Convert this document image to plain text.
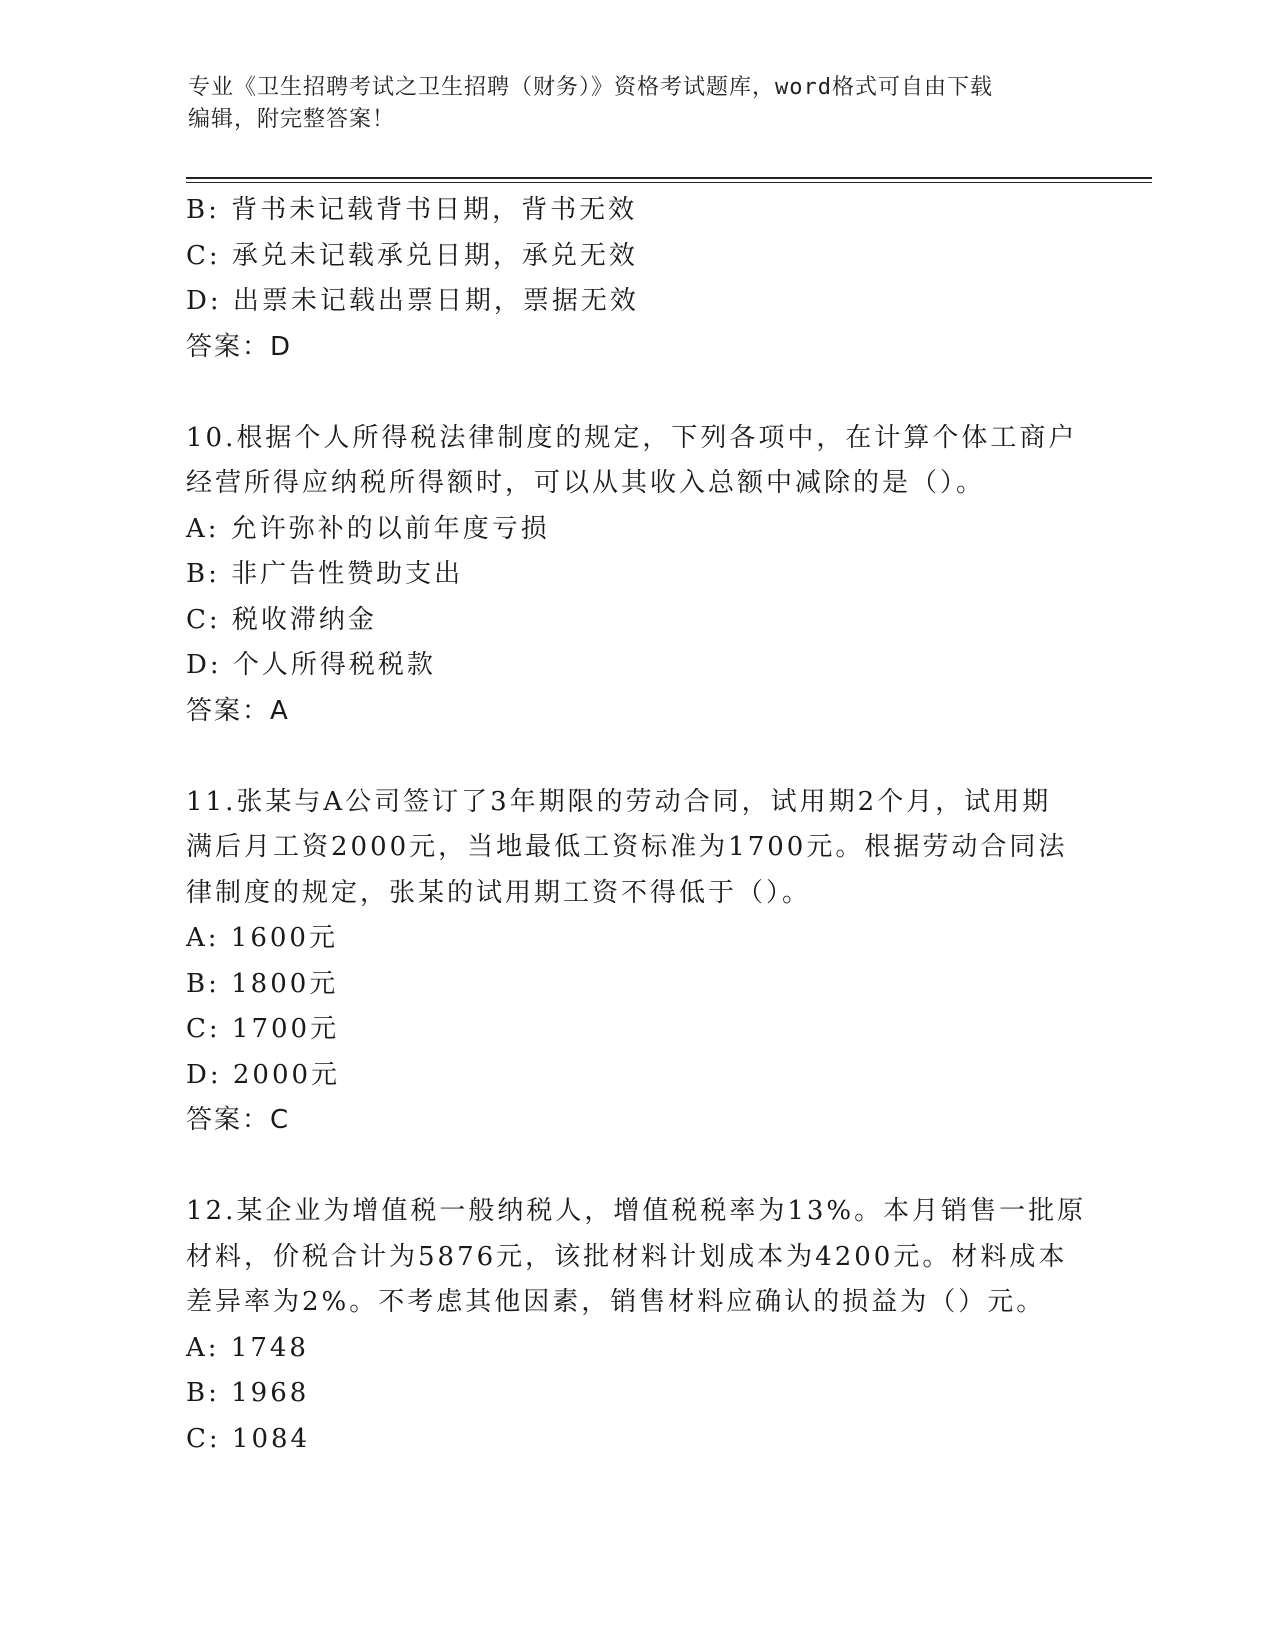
专业《卫生招聘考试之卫生招聘（财务）》资格考试题库，word格式可自由下载
编辑，附完整答案！
B: 背书未记载背书日期，背书无效
C: 承兑未记载承兑日期，承兑无效
D: 出票未记载出票日期，票据无效
答案：D
10.根据个人所得税法律制度的规定，下列各项中，在计算个体工商户
经营所得应纳税所得额时，可以从其收入总额中减除的是（）。
A: 允许弥补的以前年度亏损
B: 非广告性赞助支出
C: 税收滞纳金
D: 个人所得税税款
答案：A
11.张某与A公司签订了3年期限的劳动合同，试用期2个月，试用期
满后月工资2000元，当地最低工资标准为1700元。根据劳动合同法
律制度的规定，张某的试用期工资不得低于（）。
A: 1600元
B: 1800元
C: 1700元
D: 2000元
答案：C
12.某企业为增值税一般纳税人，增值税税率为13%。本月销售一批原
材料，价税合计为5876元，该批材料计划成本为4200元。材料成本
差异率为2%。不考虑其他因素，销售材料应确认的损益为（）元。
A: 1748
B: 1968
C: 1084
